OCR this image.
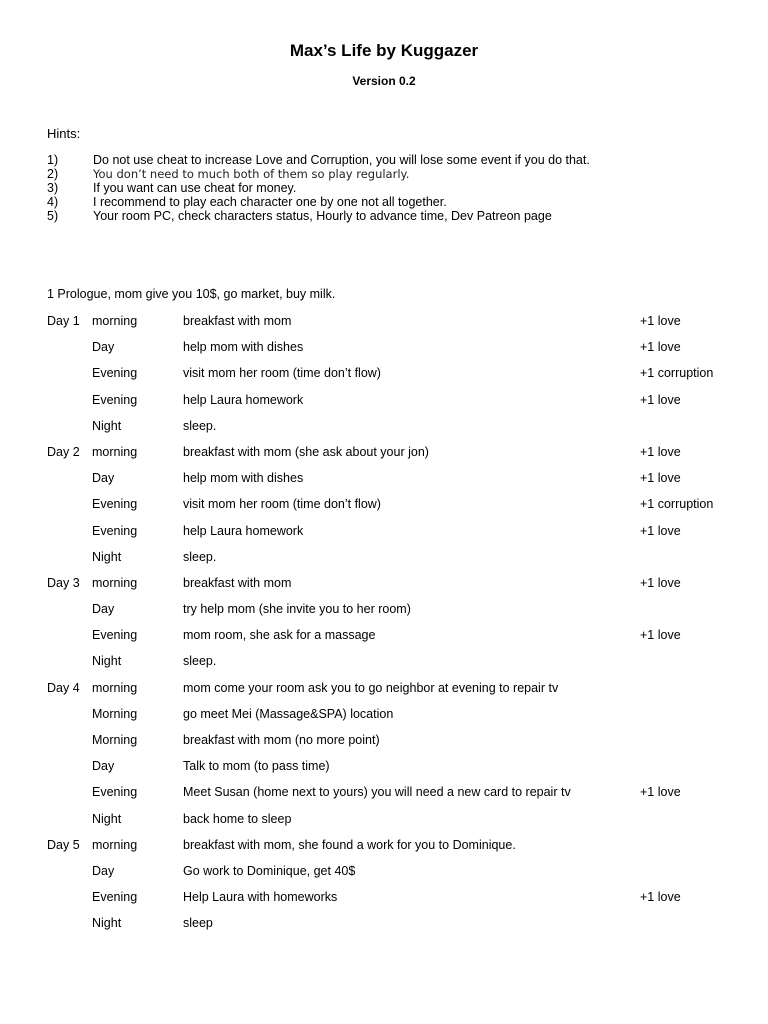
Max’s Life by Kuggazer
Version 0.2
Hints:
1)	Do not use cheat to increase Love and Corruption, you will lose some event if you do that.
2)	You don’t need to much both of them so play regularly.
3)	If you want can use cheat for money.
4)	I recommend to play each character one by one not all together.
5)	Your room PC, check characters status, Hourly to advance time, Dev Patreon page
1 Prologue, mom give you 10$, go market, buy milk.
Day 1 morning	breakfast with mom	+1 love
Day	help mom with dishes	+1 love
Evening	visit mom her room (time don’t flow)	+1 corruption
Evening	help Laura homework	+1 love
Night	sleep.
Day 2 morning	breakfast with mom (she ask about your jon)	+1 love
Day	help mom with dishes	+1 love
Evening	visit mom her room (time don’t flow)	+1 corruption
Evening	help Laura homework	+1 love
Night	sleep.
Day 3 morning	breakfast with mom	+1 love
Day	try help mom (she invite you to her room)
Evening	mom room, she ask for a massage	+1 love
Night	sleep.
Day 4 morning	mom come your room ask you to go neighbor at evening to repair tv
Morning	go meet Mei (Massage&SPA) location
Morning	breakfast with mom (no more point)
Day	Talk to mom (to pass time)
Evening	Meet Susan (home next to yours) you will need a new card to repair tv	+1 love
Night	back home to sleep
Day 5 morning	breakfast with mom, she found a work for you to Dominique.
Day	Go work to Dominique, get 40$
Evening	Help Laura with homeworks	+1 love
Night	sleep
